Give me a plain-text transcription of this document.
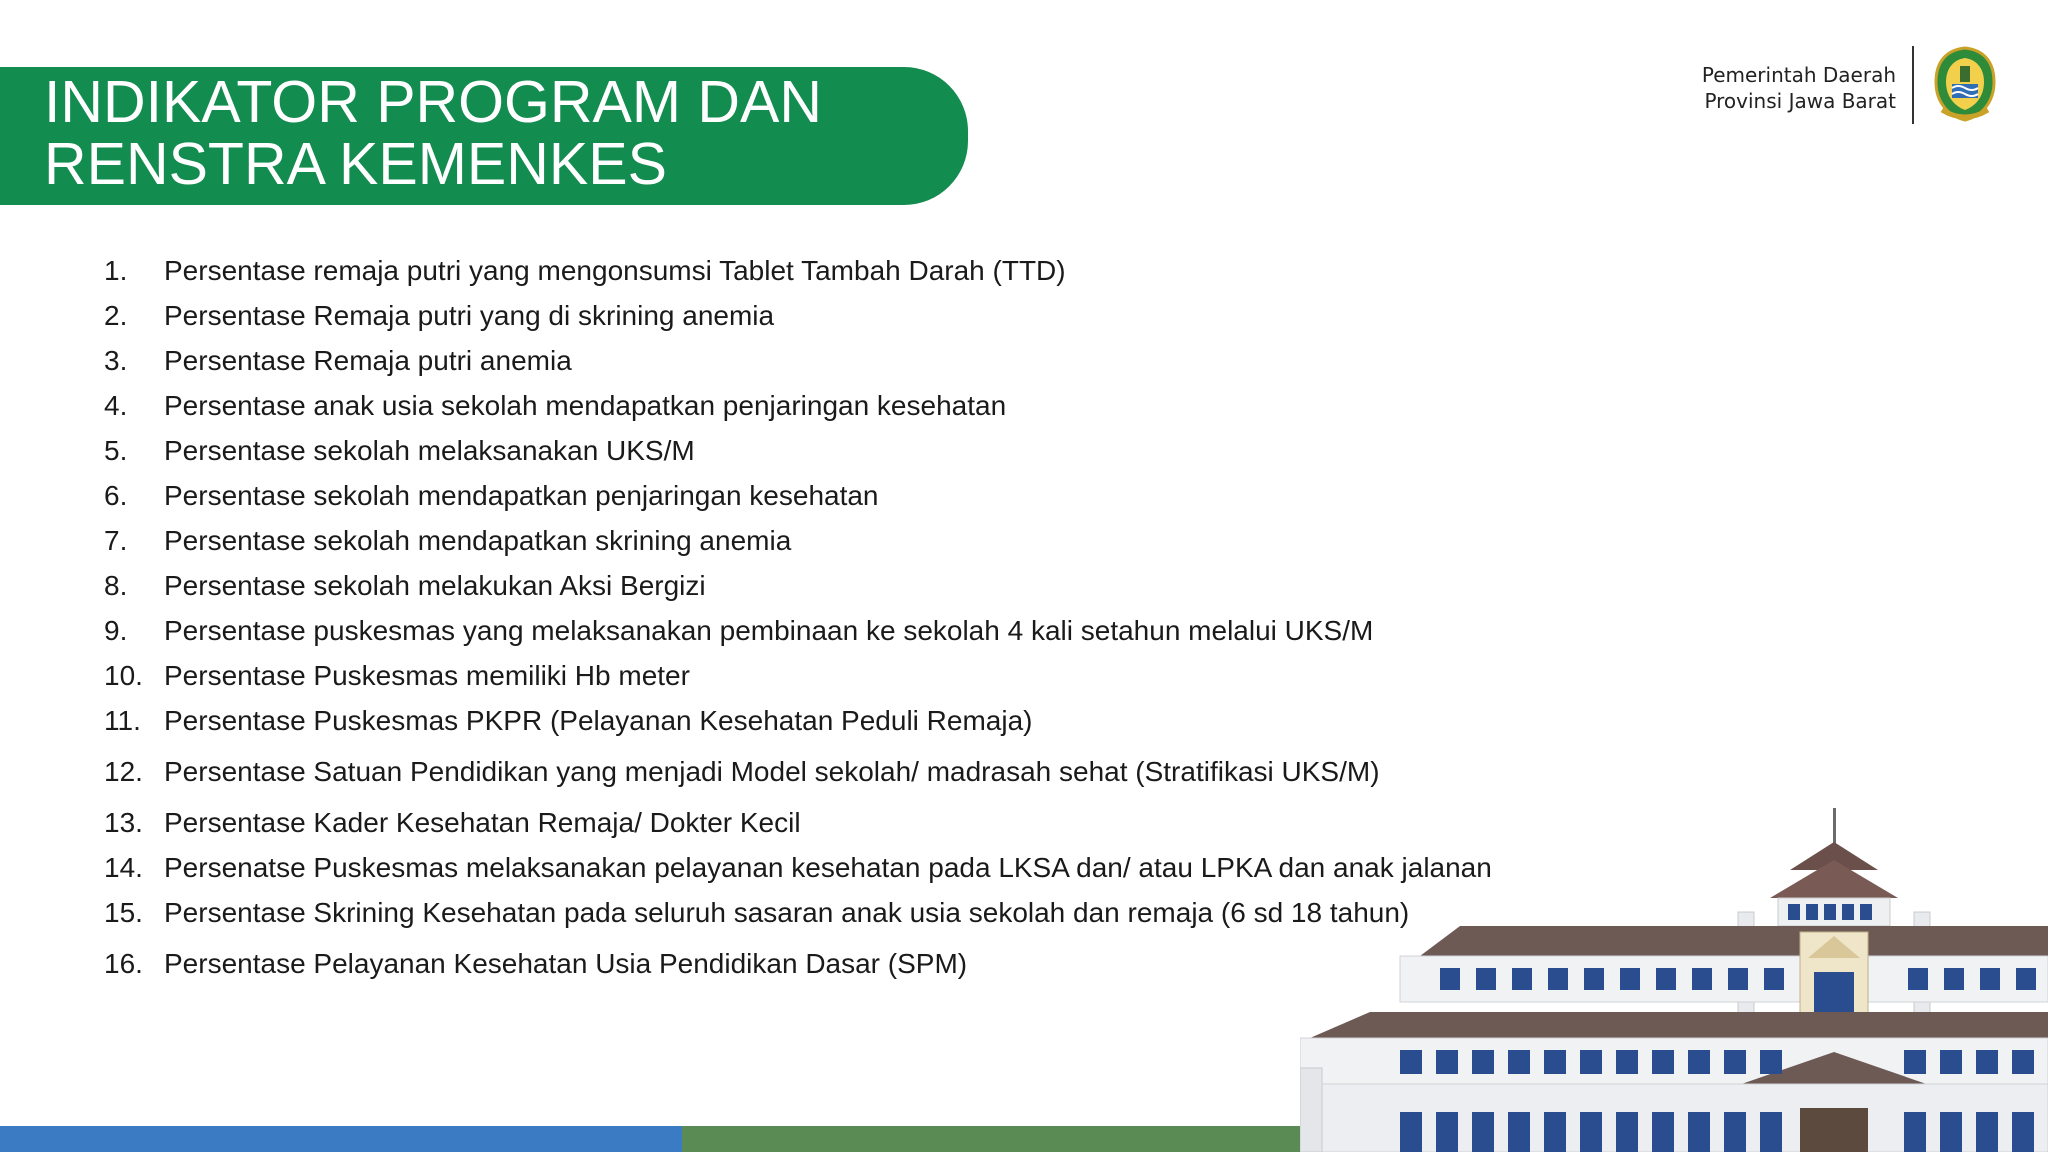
INDIKATOR PROGRAM DAN
RENSTRA KEMENKES
Pemerintah Daerah
Provinsi Jawa Barat
1. Persentase remaja putri yang mengonsumsi Tablet Tambah Darah (TTD)
2. Persentase Remaja putri yang di skrining anemia
3. Persentase Remaja putri anemia
4. Persentase anak usia sekolah mendapatkan penjaringan kesehatan
5. Persentase sekolah melaksanakan UKS/M
6. Persentase sekolah mendapatkan penjaringan kesehatan
7. Persentase sekolah mendapatkan skrining anemia
8. Persentase sekolah melakukan Aksi Bergizi
9. Persentase puskesmas yang melaksanakan pembinaan ke sekolah 4 kali setahun melalui UKS/M
10. Persentase Puskesmas memiliki Hb meter
11. Persentase Puskesmas PKPR (Pelayanan Kesehatan Peduli Remaja)
12. Persentase Satuan Pendidikan yang menjadi Model sekolah/ madrasah sehat (Stratifikasi UKS/M)
13. Persentase Kader Kesehatan Remaja/ Dokter Kecil
14. Persenatse Puskesmas melaksanakan pelayanan kesehatan pada LKSA dan/ atau LPKA dan anak jalanan
15. Persentase Skrining Kesehatan pada seluruh sasaran anak usia sekolah dan remaja (6 sd 18 tahun)
16. Persentase Pelayanan Kesehatan Usia Pendidikan Dasar (SPM)
